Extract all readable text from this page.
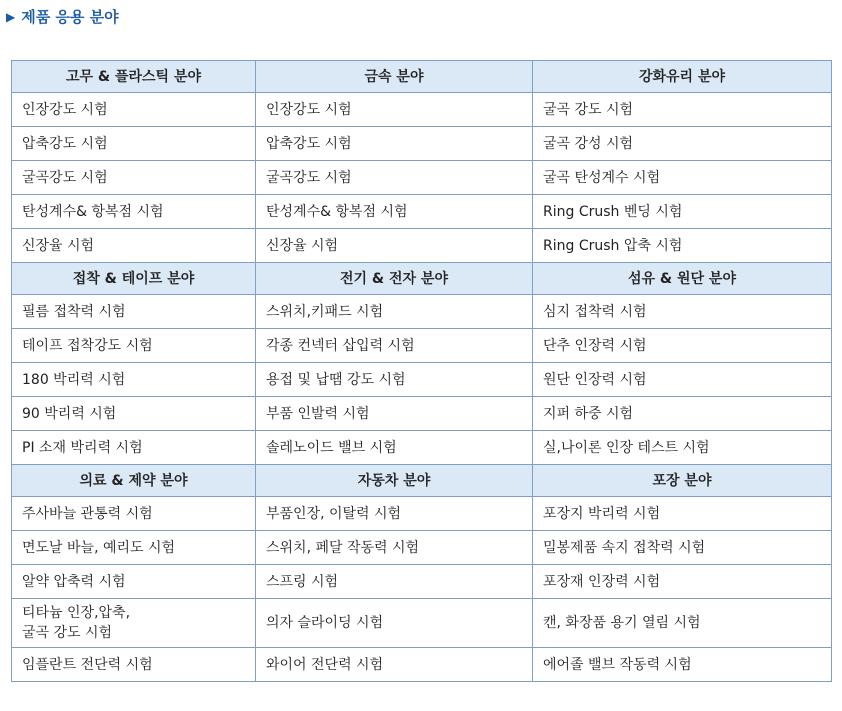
▶ 제품 응용 분야
고무 & 플라스틱 분야	금속 분야	강화유리 분야
인장강도 시험	인장강도 시험	굴곡 강도 시험
압축강도 시험	압축강도 시험	굴곡 강성 시험
굴곡강도 시험	굴곡강도 시험	굴곡 탄성계수 시험
탄성계수& 항복점 시험	탄성계수& 항복점 시험	Ring Crush 벤딩 시험
신장율 시험	신장율 시험	Ring Crush 압축 시험
접착 & 테이프 분야	전기 & 전자 분야	섬유 & 원단 분야
필름 접착력 시험	스위치,키패드 시험	심지 접착력 시험
테이프 접착강도 시험	각종 컨넥터 삽입력 시험	단추 인장력 시험
180 박리력 시험	용접 및 납땜 강도 시험	원단 인장력 시험
90 박리력 시험	부품 인발력 시험	지퍼 하중 시험
PI 소재 박리력 시험	솔레노이드 밸브 시험	실,나이론 인장 테스트 시험
의료 & 제약 분야	자동차 분야	포장 분야
주사바늘 관통력 시험	부품인장, 이탈력 시험	포장지 박리력 시험
면도날 바늘, 예리도 시험	스위치, 페달 작동력 시험	밀봉제품 속지 접착력 시험
알약 압축력 시험	스프링 시험	포장재 인장력 시험
티타늄 인장,압축,
굴곡 강도 시험	의자 슬라이딩 시험	캔, 화장품 용기 열림 시험
임플란트 전단력 시험	와이어 전단력 시험	에어졸 밸브 작동력 시험
